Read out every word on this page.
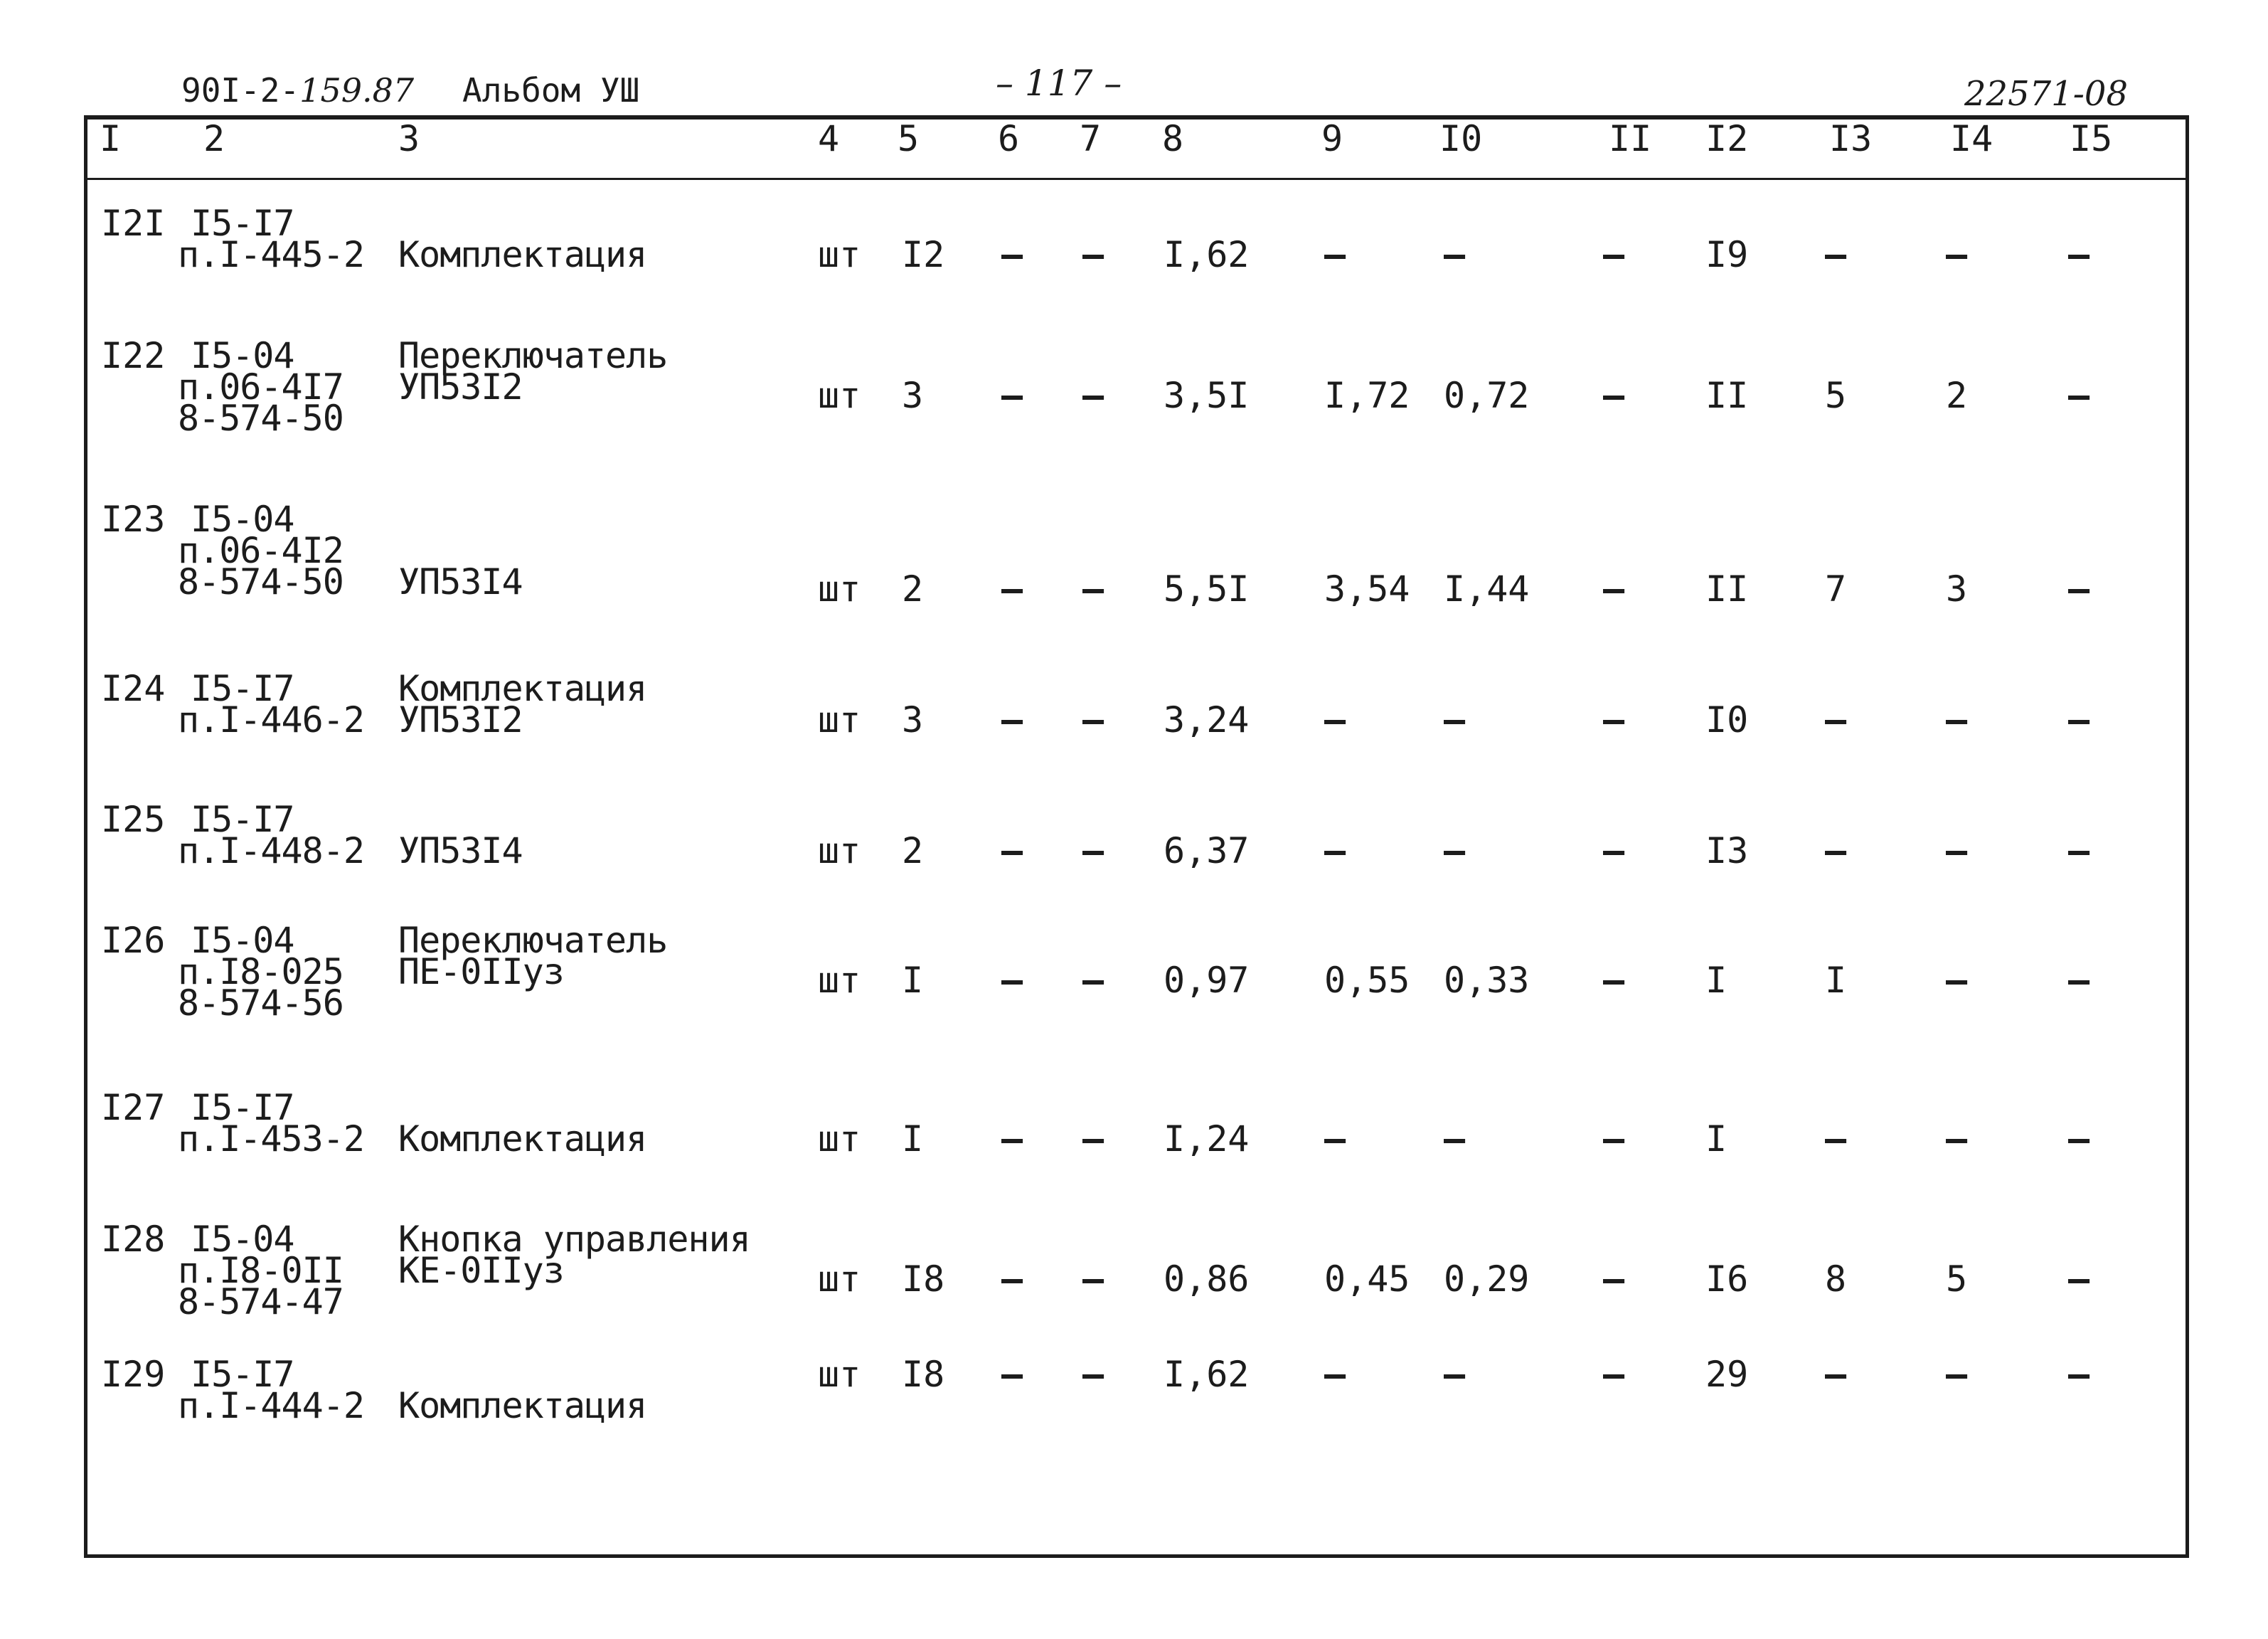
90I-2-159.87 Альбом УШ	– 117 –	22571-08
I 2	3	4 5 6 7 8	9	I0	II I2 I3 I4 I5
I2I I5-I7
п.I-445-2 Комплектация	шт I2 – – I,62 –	–	– I9 –	–	–
I22 I5-04
п.06-4I7
8-574-50
Переключатель
УП53I2	шт 3 – – 3,5I I,72 0,72 – II 5	2	–
I23 I5-04
п.06-4I2
8-574-50 УП53I4	шт 2 – – 5,5I 3,54 I,44 – II 7	3	–
I24 I5-I7
п.I-446-2
Комплектация
УП53I2	шт 3 – – 3,24 –	–	– I0 –	–	–
I25 I5-I7
п.I-448-2 УП53I4	шт 2 – – 6,37 –	–	– I3 –	–	–
I26 I5-04
п.I8-025
8-574-56
Переключатель
ПЕ-0IIуз	шт I – – 0,97 0,55 0,33 – I	I	–	–
I27 I5-I7
п.I-453-2 Комплектация	шт I – – I,24 –	–	– I	–	–	–
I28 I5-04
п.I8-0II
8-574-47
Кнопка управления
КЕ-0IIуз	шт I8 – – 0,86 0,45 0,29 – I6 8	5	–
I29 I5-I7
п.I-444-2 Комплектация
шт I8 – – I,62 –	–	– 29 –	–	–
